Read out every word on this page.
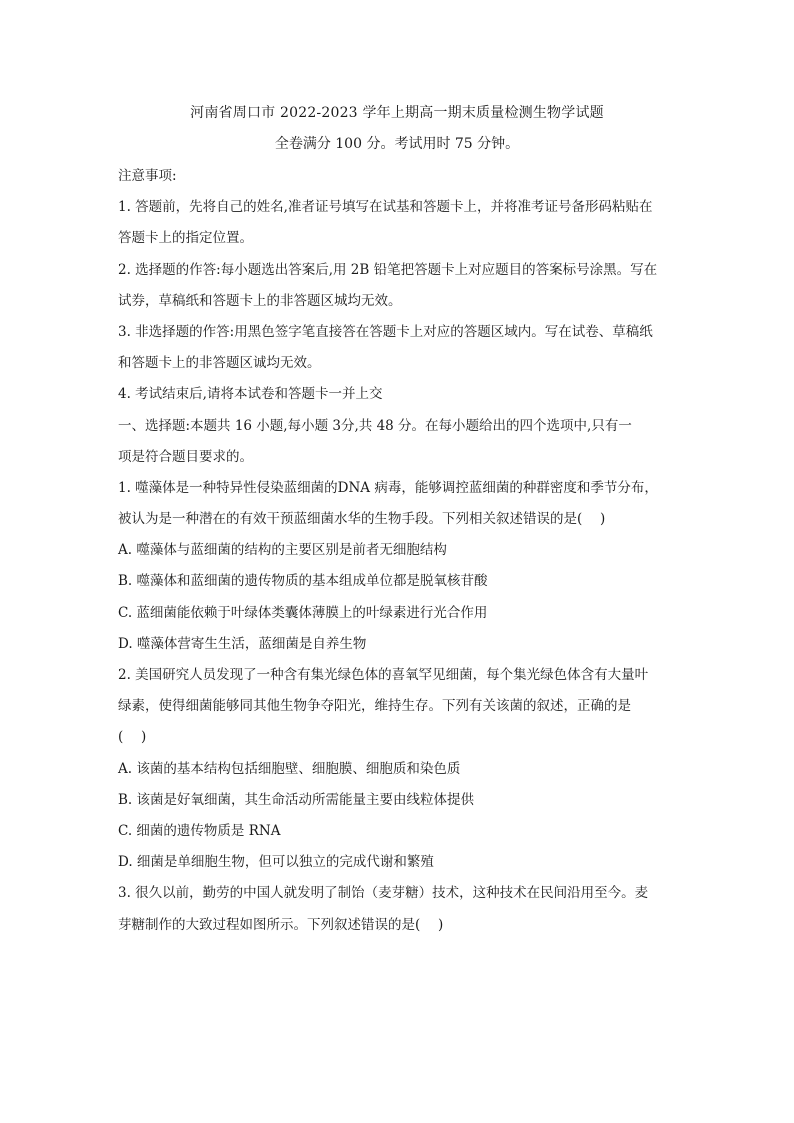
河南省周口市 2022-2023 学年上期高一期末质量检测生物学试题
全卷满分 100 分。考试用时 75 分钟。
注意事项:
1. 答题前，先将自己的姓名,准者证号填写在试基和答题卡上，并将准考证号备形码粘贴在
答题卡上的指定位置。
2. 选择题的作答:每小题选出答案后,用 2B 铅笔把答题卡上对应题目的答案标号涂黑。写在
试券，草稿纸和答题卡上的非答题区城均无效。
3. 非选择题的作答:用黑色签字笔直接答在答题卡上对应的答题区域内。写在试卷、草稿纸
和答题卡上的非答题区诚均无效。
4. 考试结束后,请将本试卷和答题卡一并上交
一、选择题:本题共 16 小题,每小题 3分,共 48 分。在每小题给出的四个选项中,只有一
项是符合题目要求的。
1. 噬藻体是一种特异性侵染蓝细菌的DNA 病毒，能够调控蓝细菌的种群密度和季节分布，
被认为是一种潜在的有效干预蓝细菌水华的生物手段。下列相关叙述错误的是(　 )
A. 噬藻体与蓝细菌的结构的主要区别是前者无细胞结构
B. 噬藻体和蓝细菌的遗传物质的基本组成单位都是脱氧核苷酸
C. 蓝细菌能依赖于叶绿体类囊体薄膜上的叶绿素进行光合作用
D. 噬藻体营寄生生活，蓝细菌是自养生物
2. 美国研究人员发现了一种含有集光绿色体的喜氧罕见细菌，每个集光绿色体含有大量叶
绿素，使得细菌能够同其他生物争夺阳光，维持生存。下列有关该菌的叙述，正确的是
(　 )
A. 该菌的基本结构包括细胞壁、细胞膜、细胞质和染色质
B. 该菌是好氧细菌，其生命活动所需能量主要由线粒体提供
C. 细菌的遗传物质是 RNA
D. 细菌是单细胞生物，但可以独立的完成代谢和繁殖
3. 很久以前，勤劳的中国人就发明了制饴（麦芽糖）技术，这种技术在民间沿用至今。麦
芽糖制作的大致过程如图所示。下列叙述错误的是(　 )
